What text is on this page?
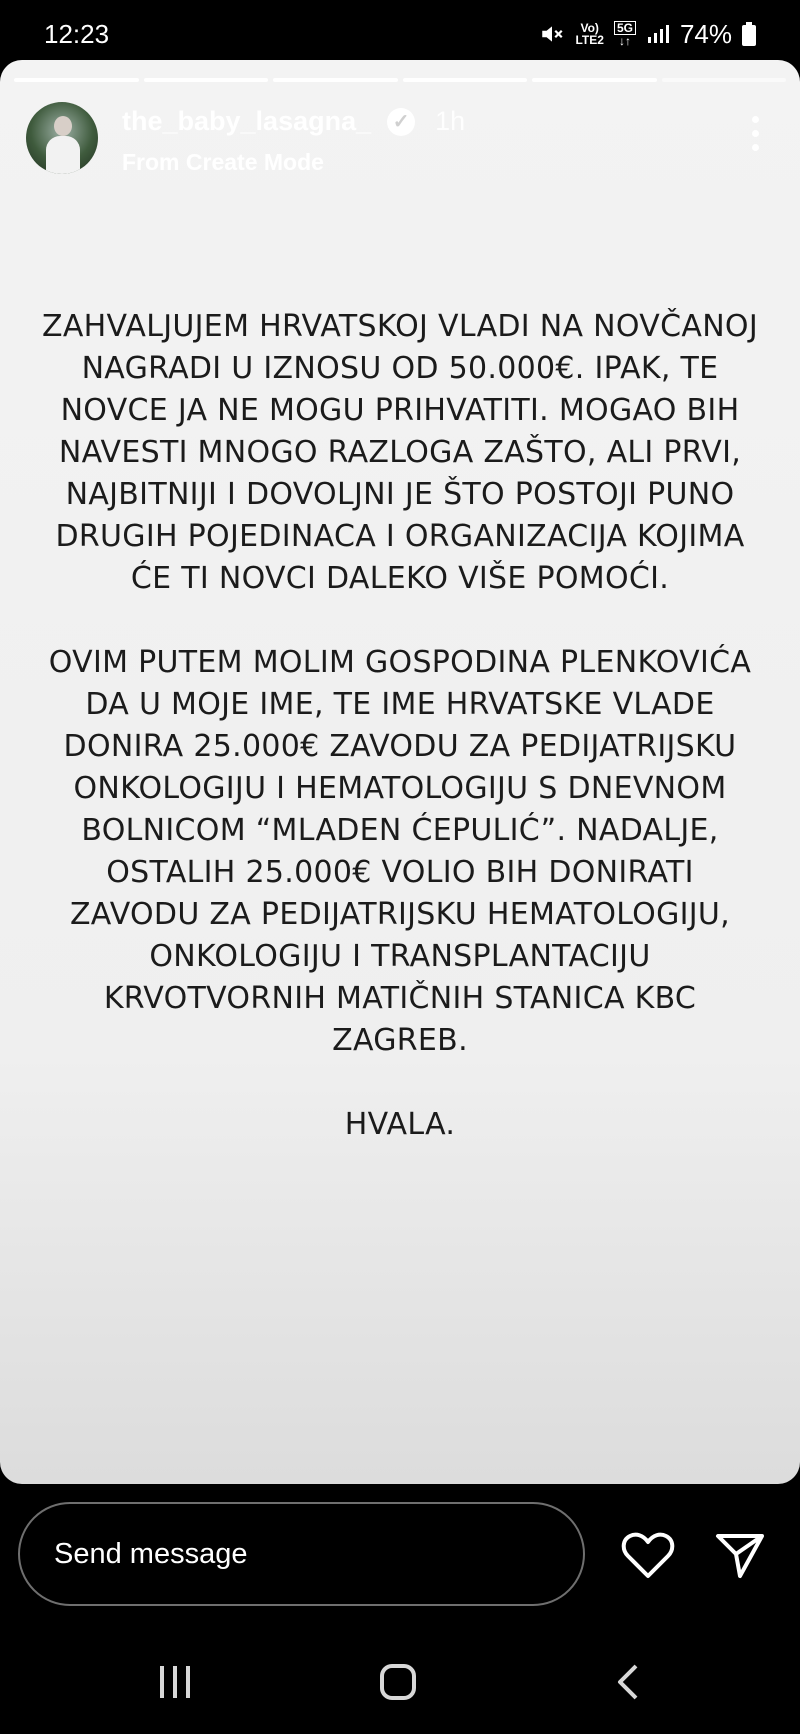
12:23	Vo)
LTE2
5G
↓↑ 74%
the_baby_lasagna_ ✓ 1h
From Create Mode
ZAHVALJUJEM HRVATSKOJ VLADI NA NOVČANOJ NAGRADI U IZNOSU OD 50.000€. IPAK, TE NOVCE JA NE MOGU PRIHVATITI. MOGAO BIH NAVESTI MNOGO RAZLOGA ZAŠTO, ALI PRVI, NAJBITNIJI I DOVOLJNI JE ŠTO POSTOJI PUNO DRUGIH POJEDINACA I ORGANIZACIJA KOJIMA ĆE TI NOVCI DALEKO VIŠE POMOĆI.

OVIM PUTEM MOLIM GOSPODINA PLENKOVIĆA DA U MOJE IME, TE IME HRVATSKE VLADE DONIRA 25.000€ ZAVODU ZA PEDIJATRIJSKU ONKOLOGIJU I HEMATOLOGIJU S DNEVNOM BOLNICOM “MLADEN ĆEPULIĆ”. NADALJE, OSTALIH 25.000€ VOLIO BIH DONIRATI ZAVODU ZA PEDIJATRIJSKU HEMATOLOGIJU, ONKOLOGIJU I TRANSPLANTACIJU KRVOTVORNIH MATIČNIH STANICA KBC ZAGREB.

HVALA.
Send message
